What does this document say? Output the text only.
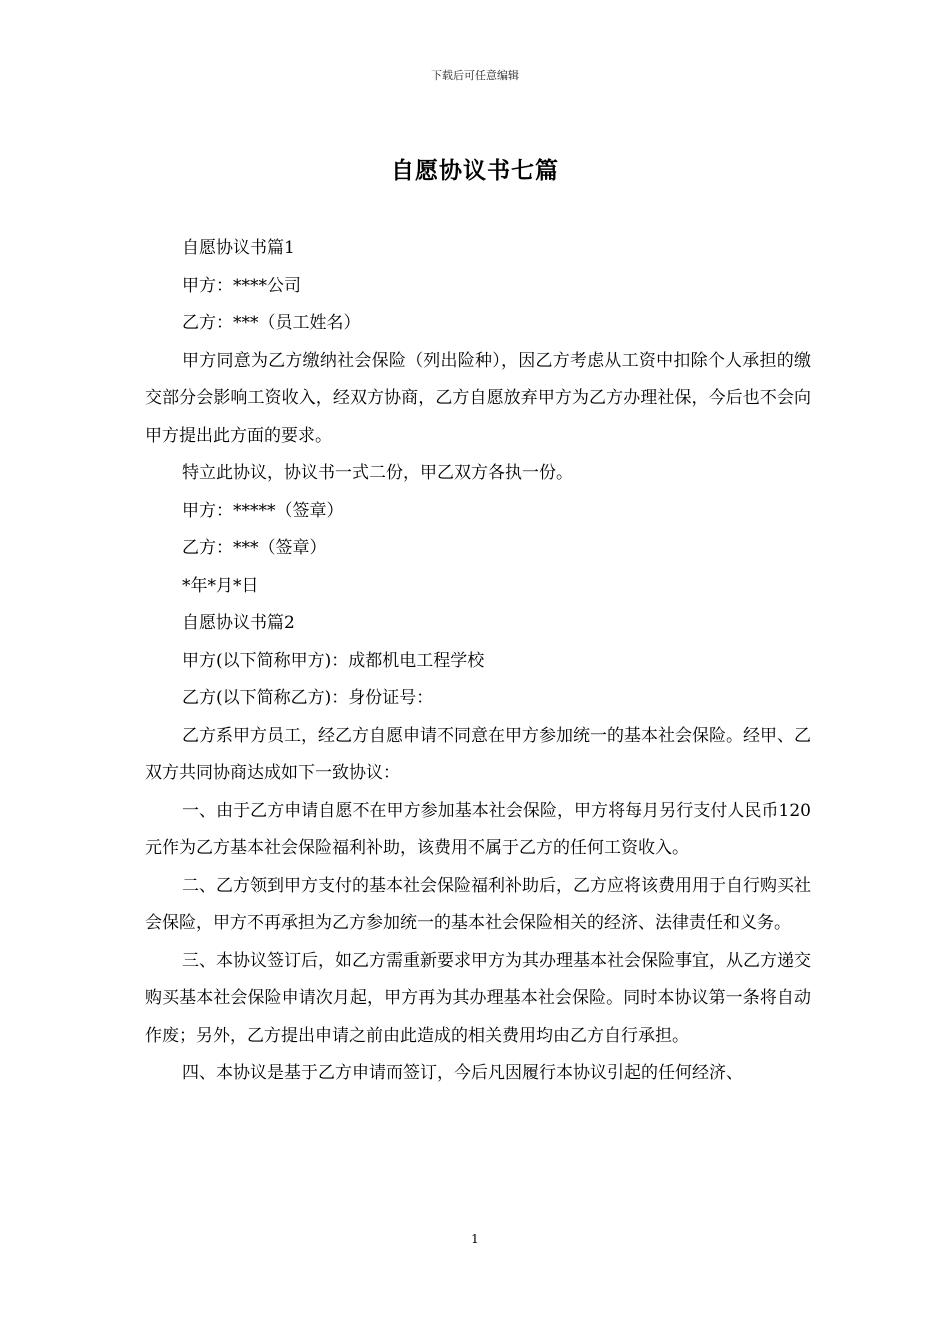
下载后可任意编辑
自愿协议书七篇

自愿协议书篇1

甲方：****公司

乙方：***（员工姓名）

甲方同意为乙方缴纳社会保险（列出险种），因乙方考虑从工资中扣除个人承担的缴交部分会影响工资收入，经双方协商，乙方自愿放弃甲方为乙方办理社保，今后也不会向甲方提出此方面的要求。

特立此协议，协议书一式二份，甲乙双方各执一份。

甲方：*****（签章）

乙方：***（签章）

*年*月*日

自愿协议书篇2

甲方(以下简称甲方)：成都机电工程学校

乙方(以下简称乙方)：身份证号：

乙方系甲方员工，经乙方自愿申请不同意在甲方参加统一的基本社会保险。经甲、乙双方共同协商达成如下一致协议：

一、由于乙方申请自愿不在甲方参加基本社会保险，甲方将每月另行支付人民币120元作为乙方基本社会保险福利补助，该费用不属于乙方的任何工资收入。

二、乙方领到甲方支付的基本社会保险福利补助后，乙方应将该费用用于自行购买社会保险，甲方不再承担为乙方参加统一的基本社会保险相关的经济、法律责任和义务。

三、本协议签订后，如乙方需重新要求甲方为其办理基本社会保险事宜，从乙方递交购买基本社会保险申请次月起，甲方再为其办理基本社会保险。同时本协议第一条将自动作废；另外，乙方提出申请之前由此造成的相关费用均由乙方自行承担。

四、本协议是基于乙方申请而签订，今后凡因履行本协议引起的任何经济、

1
